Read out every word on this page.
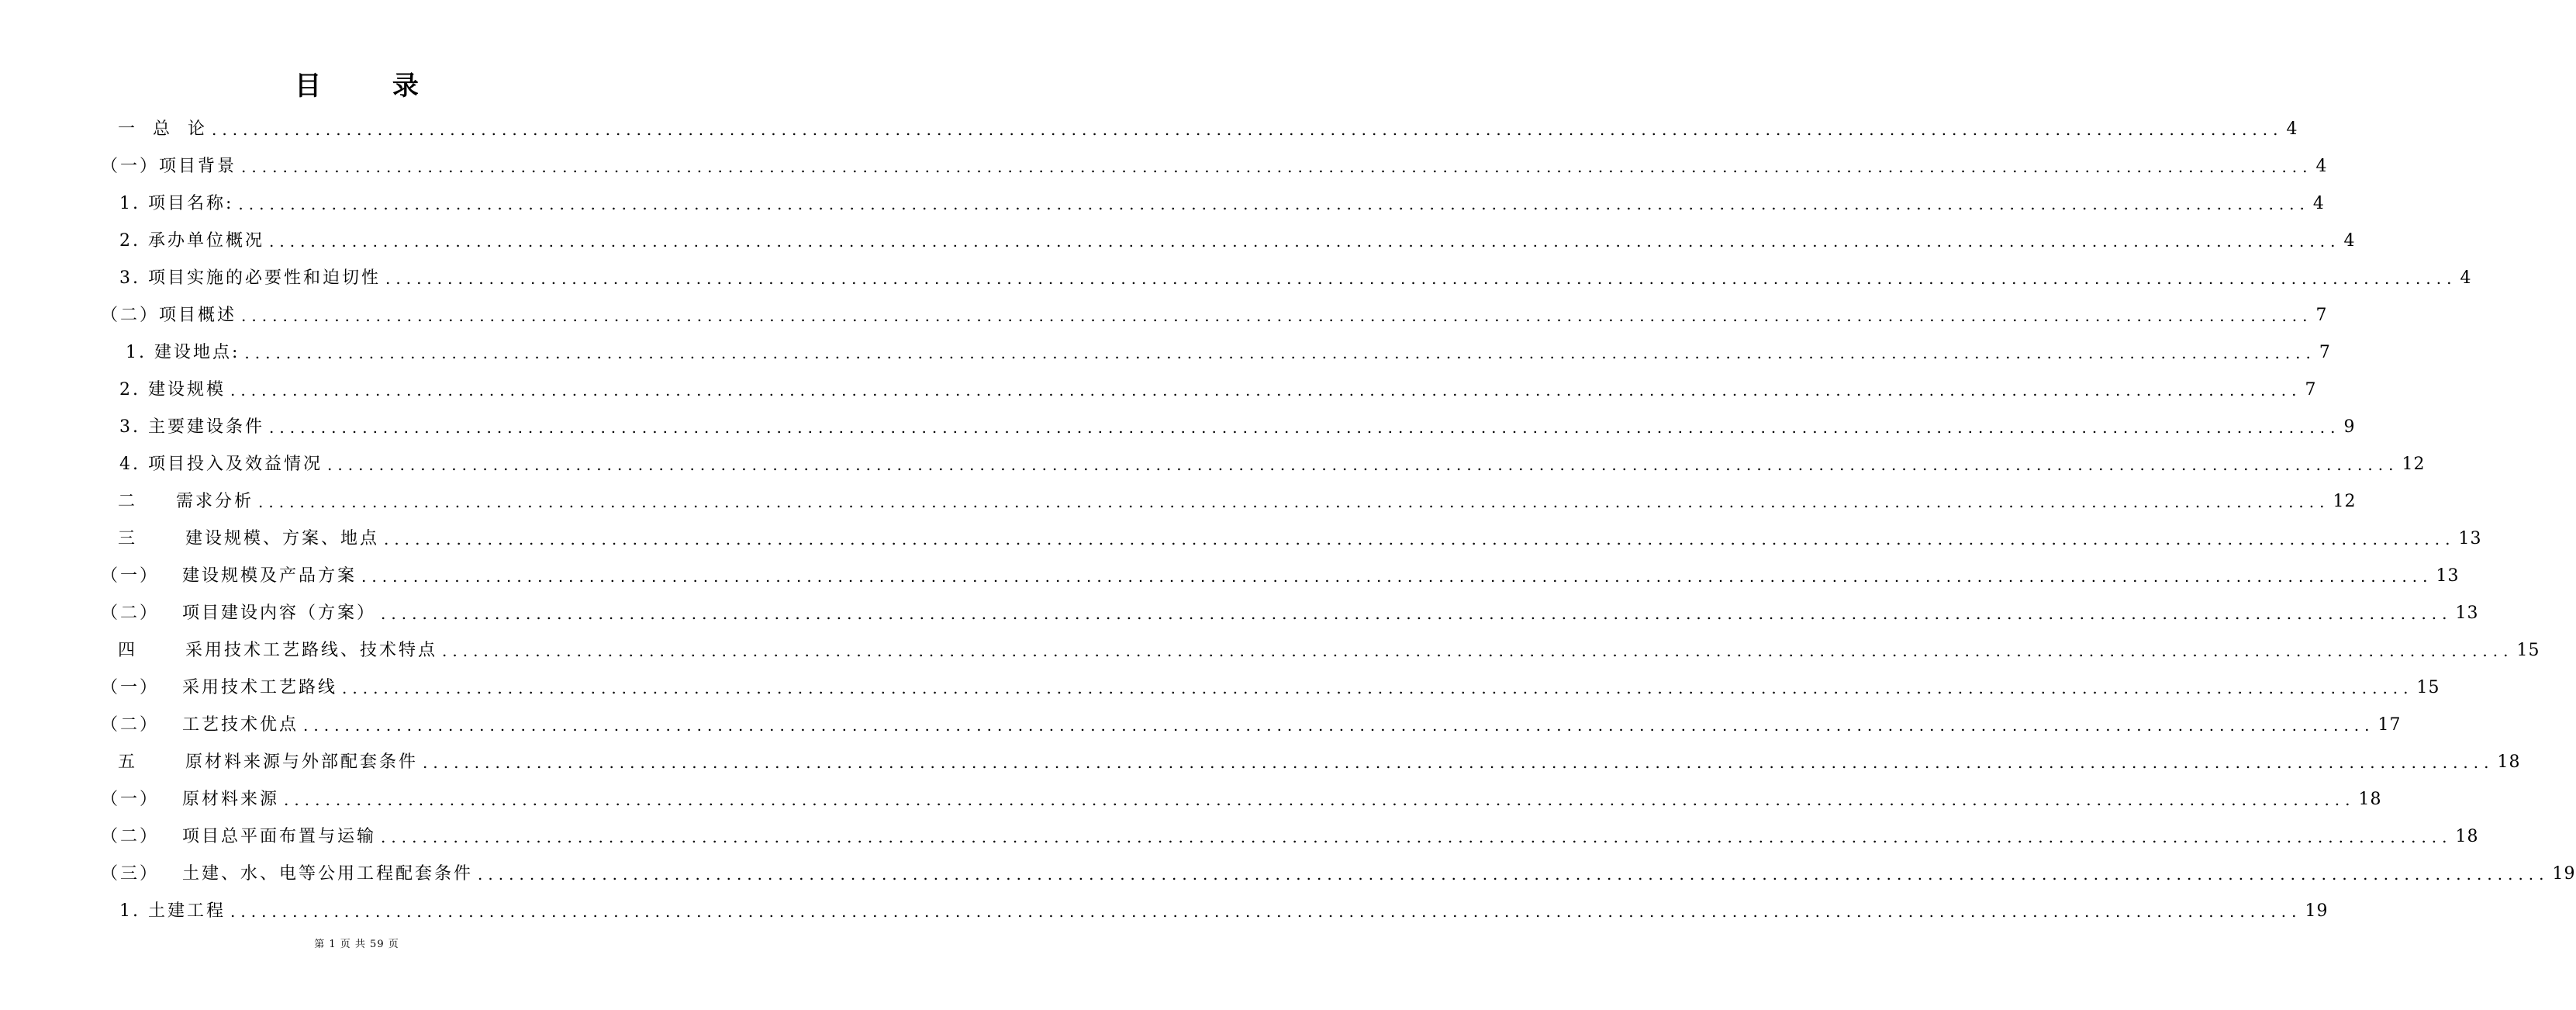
目 录
一 总  论 ........................................................................................................................................................................................................ 4
（一） 项目背景 ........................................................................................................................................................................................................ 4
1. 项目名称: ........................................................................................................................................................................................................ 4
2. 承办单位概况 ........................................................................................................................................................................................................ 4
3. 项目实施的必要性和迫切性 ........................................................................................................................................................................................................ 4
（二） 项目概述 ........................................................................................................................................................................................................ 7
1. 建设地点: ........................................................................................................................................................................................................ 7
2. 建设规模 ........................................................................................................................................................................................................ 7
3. 主要建设条件 ........................................................................................................................................................................................................ 9
4. 项目投入及效益情况 ........................................................................................................................................................................................................ 12
二 需求分析 ........................................................................................................................................................................................................ 12
三 建设规模、方案、地点 ........................................................................................................................................................................................................ 13
（一） 建设规模及产品方案 ........................................................................................................................................................................................................ 13
（二） 项目建设内容（方案） ........................................................................................................................................................................................................ 13
四 采用技术工艺路线、技术特点 ........................................................................................................................................................................................................ 15
（一） 采用技术工艺路线 ........................................................................................................................................................................................................ 15
（二） 工艺技术优点 ........................................................................................................................................................................................................ 17
五 原材料来源与外部配套条件 ........................................................................................................................................................................................................ 18
（一） 原材料来源 ........................................................................................................................................................................................................ 18
（二） 项目总平面布置与运输 ........................................................................................................................................................................................................ 18
（三） 土建、水、电等公用工程配套条件 ........................................................................................................................................................................................................ 19
1. 土建工程 ........................................................................................................................................................................................................ 19
第 1 页 共 59 页
